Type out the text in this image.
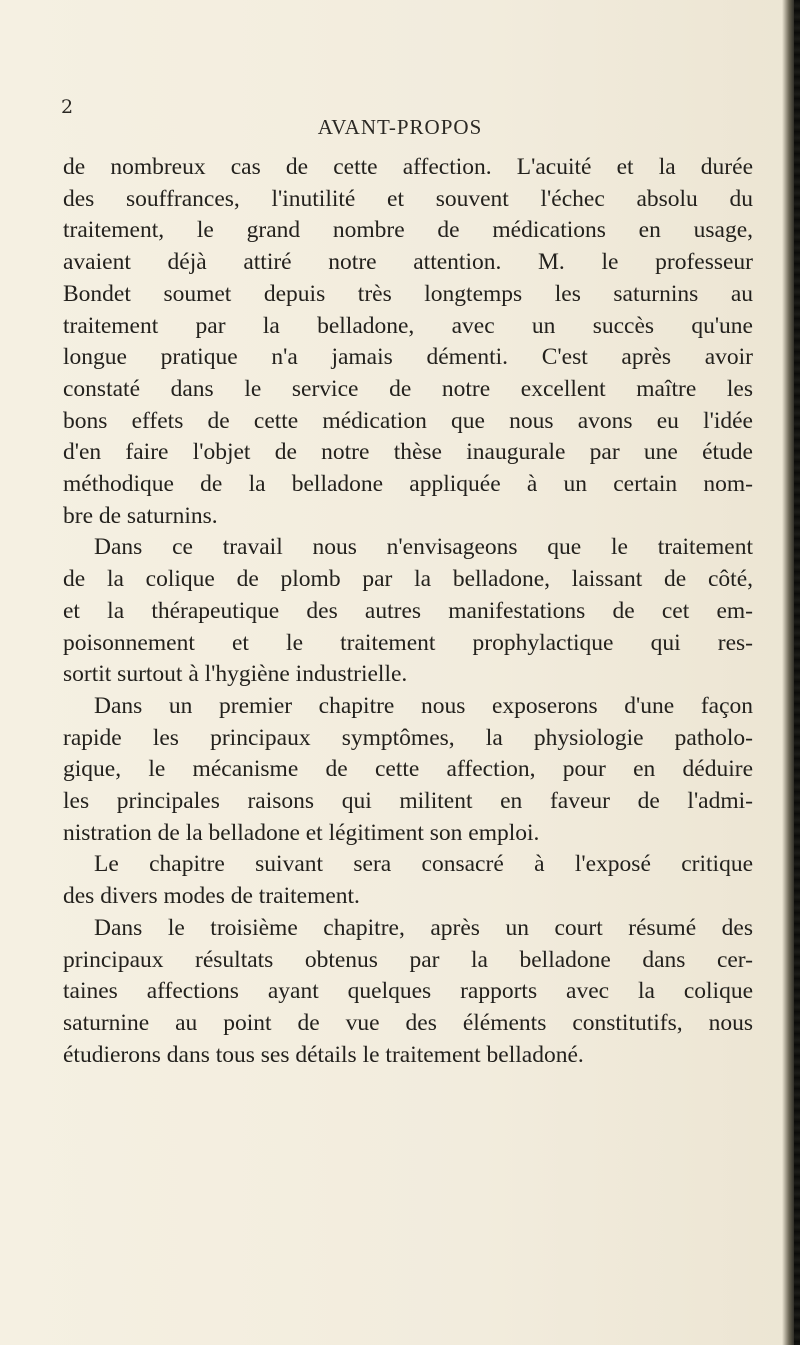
2
AVANT-PROPOS
de nombreux cas de cette affection. L'acuité et la durée
des souffrances, l'inutilité et souvent l'échec absolu du
traitement, le grand nombre de médications en usage,
avaient déjà attiré notre attention. M. le professeur
Bondet soumet depuis très longtemps les saturnins au
traitement par la belladone, avec un succès qu'une
longue pratique n'a jamais démenti. C'est après avoir
constaté dans le service de notre excellent maître les
bons effets de cette médication que nous avons eu l'idée
d'en faire l'objet de notre thèse inaugurale par une étude
méthodique de la belladone appliquée à un certain nom-
bre de saturnins.
Dans ce travail nous n'envisageons que le traitement
de la colique de plomb par la belladone, laissant de côté,
et la thérapeutique des autres manifestations de cet em-
poisonnement et le traitement prophylactique qui res-
sortit surtout à l'hygiène industrielle.
Dans un premier chapitre nous exposerons d'une façon
rapide les principaux symptômes, la physiologie patholo-
gique, le mécanisme de cette affection, pour en déduire
les principales raisons qui militent en faveur de l'admi-
nistration de la belladone et légitiment son emploi.
Le chapitre suivant sera consacré à l'exposé critique
des divers modes de traitement.
Dans le troisième chapitre, après un court résumé des
principaux résultats obtenus par la belladone dans cer-
taines affections ayant quelques rapports avec la colique
saturnine au point de vue des éléments constitutifs, nous
étudierons dans tous ses détails le traitement belladoné.
